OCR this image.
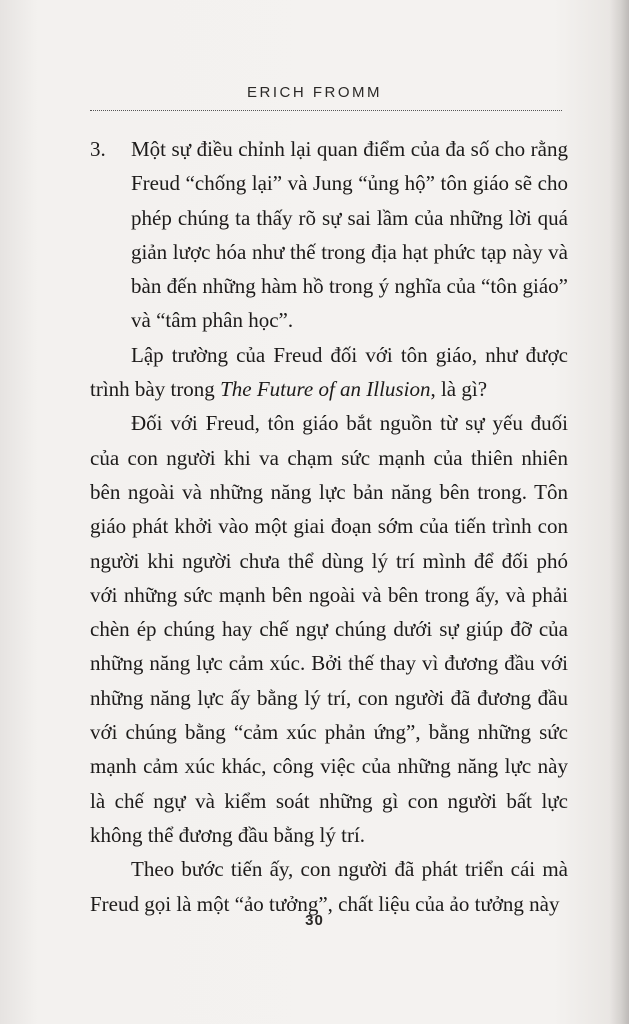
ERICH FROMM
3.	Một sự điều chỉnh lại quan điểm của đa số cho rằng Freud “chống lại” và Jung “ủng hộ” tôn giáo sẽ cho phép chúng ta thấy rõ sự sai lầm của những lời quá giản lược hóa như thế trong địa hạt phức tạp này và bàn đến những hàm hồ trong ý nghĩa của “tôn giáo” và “tâm phân học”.

Lập trường của Freud đối với tôn giáo, như được trình bày trong The Future of an Illusion, là gì?

Đối với Freud, tôn giáo bắt nguồn từ sự yếu đuối của con người khi va chạm sức mạnh của thiên nhiên bên ngoài và những năng lực bản năng bên trong. Tôn giáo phát khởi vào một giai đoạn sớm của tiến trình con người khi người chưa thể dùng lý trí mình để đối phó với những sức mạnh bên ngoài và bên trong ấy, và phải chèn ép chúng hay chế ngự chúng dưới sự giúp đỡ của những năng lực cảm xúc. Bởi thế thay vì đương đầu với những năng lực ấy bằng lý trí, con người đã đương đầu với chúng bằng “cảm xúc phản ứng”, bằng những sức mạnh cảm xúc khác, công việc của những năng lực này là chế ngự và kiểm soát những gì con người bất lực không thể đương đầu bằng lý trí.

Theo bước tiến ấy, con người đã phát triển cái mà Freud gọi là một “ảo tưởng”, chất liệu của ảo tưởng này

30
